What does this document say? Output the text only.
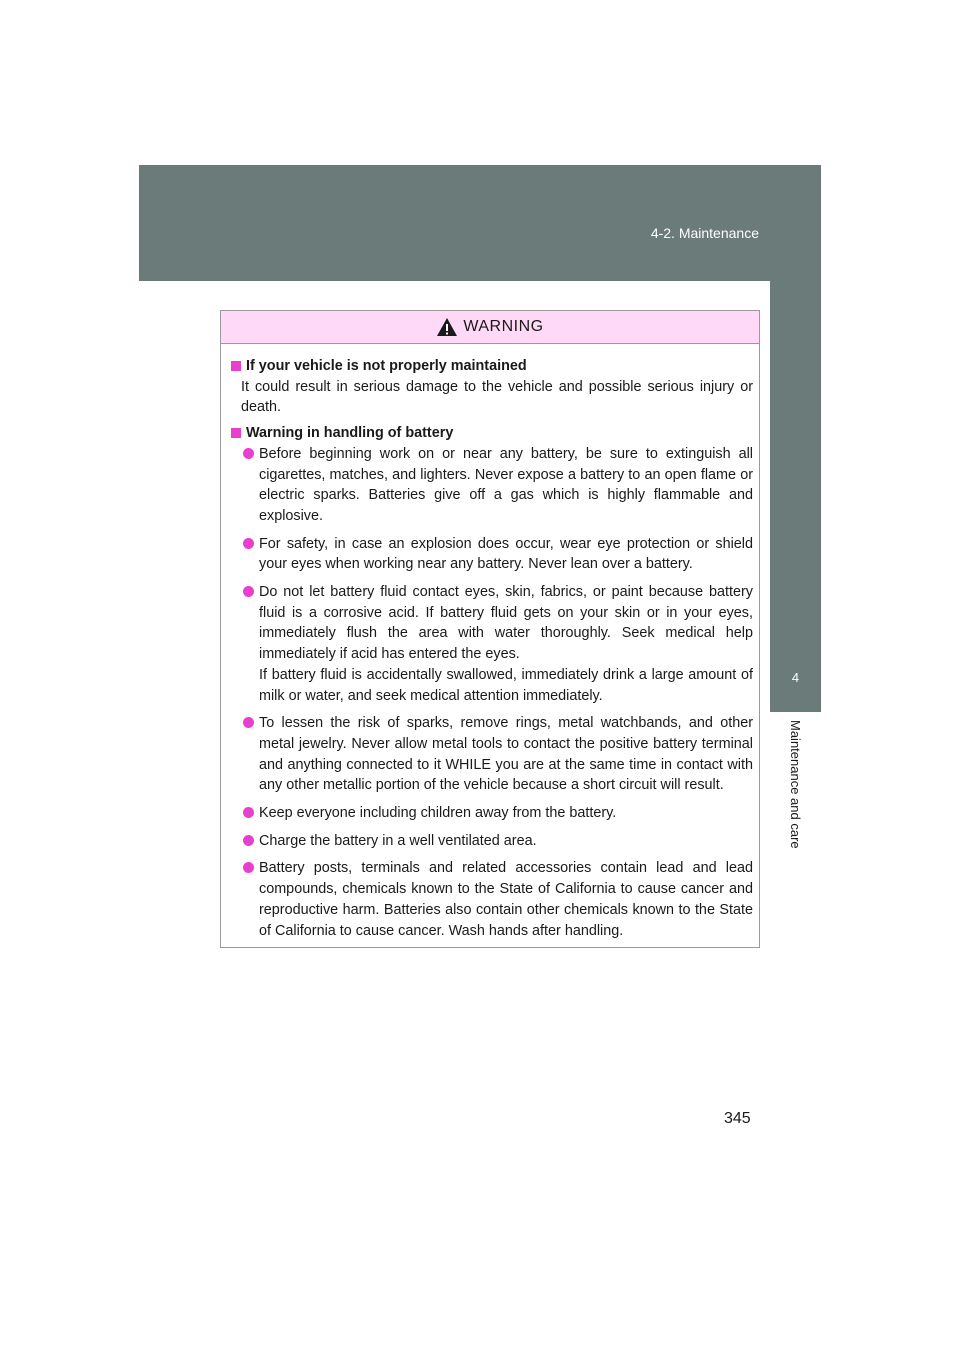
4-2. Maintenance
4
Maintenance and care
WARNING
If your vehicle is not properly maintained
It could result in serious damage to the vehicle and possible serious injury or death.
Warning in handling of battery
Before beginning work on or near any battery, be sure to extinguish all cigarettes, matches, and lighters. Never expose a battery to an open flame or electric sparks. Batteries give off a gas which is highly flammable and explosive.
For safety, in case an explosion does occur, wear eye protection or shield your eyes when working near any battery. Never lean over a battery.
Do not let battery fluid contact eyes, skin, fabrics, or paint because battery fluid is a corrosive acid. If battery fluid gets on your skin or in your eyes, immediately flush the area with water thoroughly. Seek medical help immediately if acid has entered the eyes.
If battery fluid is accidentally swallowed, immediately drink a large amount of milk or water, and seek medical attention immediately.
To lessen the risk of sparks, remove rings, metal watchbands, and other metal jewelry. Never allow metal tools to contact the positive battery terminal and anything connected to it WHILE you are at the same time in contact with any other metallic portion of the vehicle because a short circuit will result.
Keep everyone including children away from the battery.
Charge the battery in a well ventilated area.
Battery posts, terminals and related accessories contain lead and lead compounds, chemicals known to the State of California to cause cancer and reproductive harm. Batteries also contain other chemicals known to the State of California to cause cancer. Wash hands after handling.
345
